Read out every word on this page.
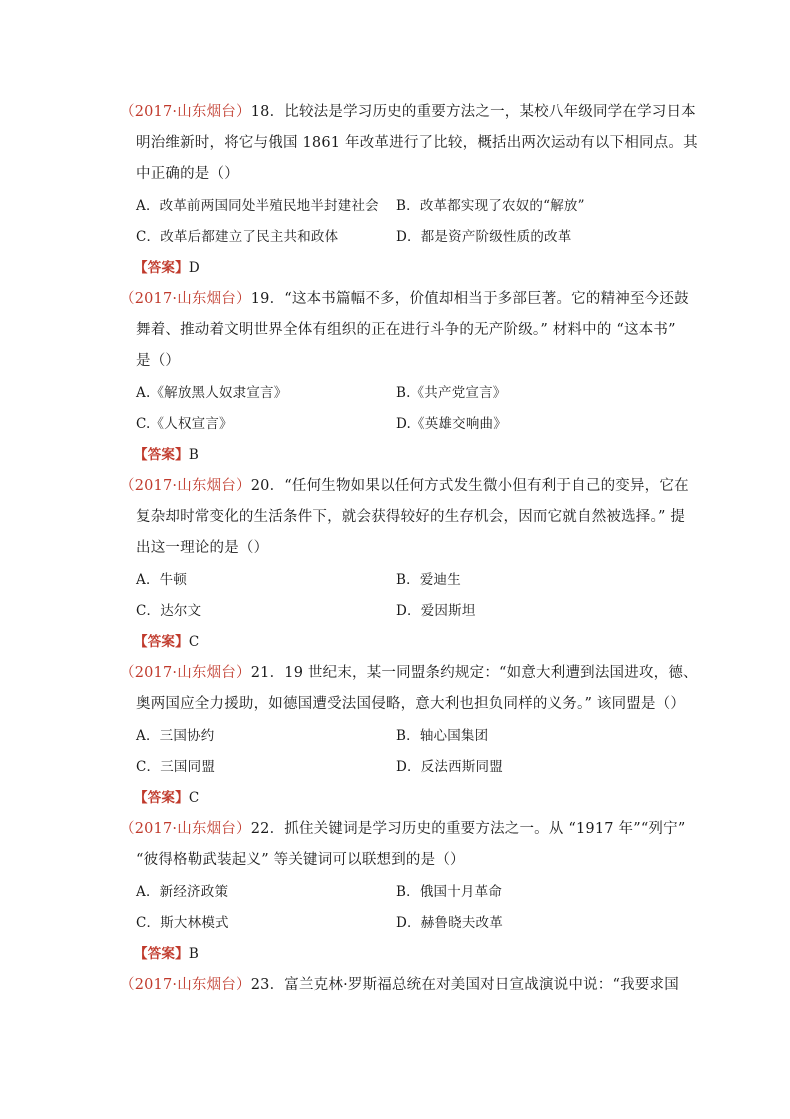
（2017·山东烟台）18．比较法是学习历史的重要方法之一，某校八年级同学在学习日本
明治维新时，将它与俄国 1861 年改革进行了比较，概括出两次运动有以下相同点。其
中正确的是（）
A．改革前两国同处半殖民地半封建社会 B．改革都实现了农奴的“解放”
C．改革后都建立了民主共和政体	D．都是资产阶级性质的改革
【答案】D
（2017·山东烟台）19．“这本书篇幅不多，价值却相当于多部巨著。它的精神至今还鼓
舞着、推动着文明世界全体有组织的正在进行斗争的无产阶级。” 材料中的 “这本书”
是（）
A.《解放黑人奴隶宣言》	B.《共产党宣言》
C.《人权宣言》	D.《英雄交响曲》
【答案】B
（2017·山东烟台）20．“任何生物如果以任何方式发生微小但有利于自己的变异，它在
复杂却时常变化的生活条件下，就会获得较好的生存机会，因而它就自然被选择。” 提
出这一理论的是（）
A．牛顿	B．爱迪生
C．达尔文	D．爱因斯坦
【答案】C
（2017·山东烟台）21．19 世纪末，某一同盟条约规定：“如意大利遭到法国进攻，德、
奥两国应全力援助，如德国遭受法国侵略，意大利也担负同样的义务。” 该同盟是（）
A．三国协约	B．轴心国集团
C．三国同盟	D．反法西斯同盟
【答案】C
（2017·山东烟台）22．抓住关键词是学习历史的重要方法之一。从 “1917 年”“列宁”
“彼得格勒武装起义” 等关键词可以联想到的是（）
A．新经济政策	B．俄国十月革命
C．斯大林模式	D．赫鲁晓夫改革
【答案】B
（2017·山东烟台）23．富兰克林·罗斯福总统在对美国对日宣战演说中说：“我要求国
